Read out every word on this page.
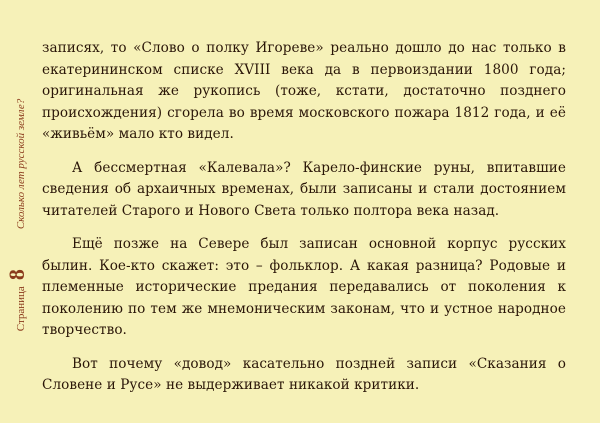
Страница8
Сколько лет русской земле?

записях, то «Слово о полку Игореве» реально дошло до нас только в екатерининском списке XVIII века да в первоиздании 1800 года; оригинальная же рукопись (тоже, кстати, достаточно позднего происхождения) сгорела во время московского пожара 1812 года, и её «живьём» мало кто видел.

А бессмертная «Калевала»? Карело-финские руны, впитавшие сведения об архаичных временах, были записаны и стали достоянием читателей Старого и Нового Света только полтора века назад.

Ещё позже на Севере был записан основной корпус русских былин. Кое-кто скажет: это – фольклор. А какая разница? Родовые и племенные исторические предания передавались от поколения к поколению по тем же мнемоническим законам, что и устное народное творчество.

Вот почему «довод» касательно поздней записи «Сказания о Словене и Русе» не выдерживает никакой критики.
